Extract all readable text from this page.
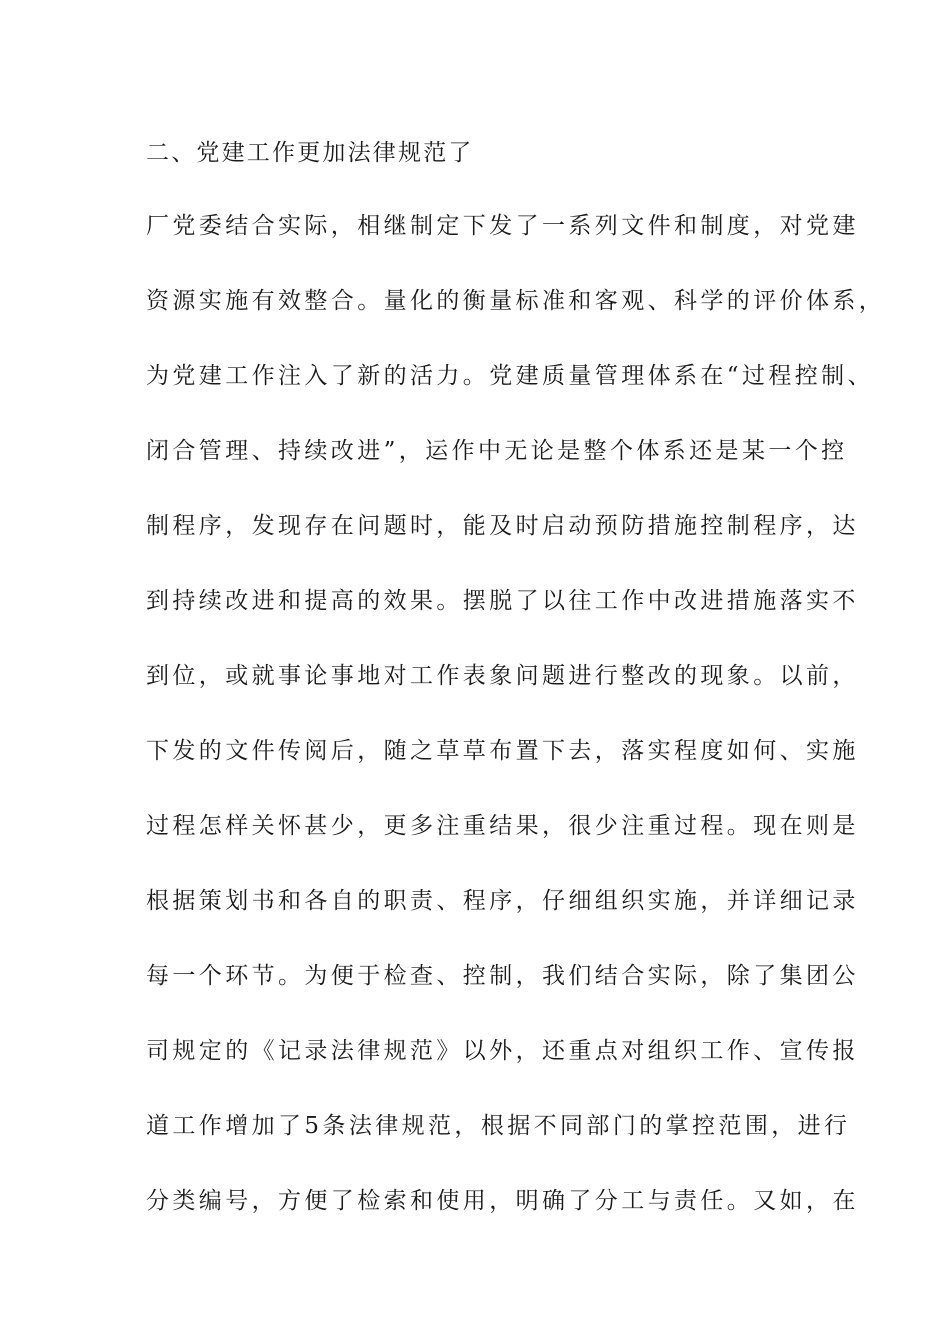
二、党建工作更加法律规范了
厂党委结合实际，相继制定下发了一系列文件和制度，对党建
资源实施有效整合。量化的衡量标准和客观、科学的评价体系，
为党建工作注入了新的活力。党建质量管理体系在“过程控制、
闭合管理、持续改进”，运作中无论是整个体系还是某一个控
制程序，发现存在问题时，能及时启动预防措施控制程序，达
到持续改进和提高的效果。摆脱了以往工作中改进措施落实不
到位，或就事论事地对工作表象问题进行整改的现象。以前，
下发的文件传阅后，随之草草布置下去，落实程度如何、实施
过程怎样关怀甚少，更多注重结果，很少注重过程。现在则是
根据策划书和各自的职责、程序，仔细组织实施，并详细记录
每一个环节。为便于检查、控制，我们结合实际，除了集团公
司规定的《记录法律规范》以外，还重点对组织工作、宣传报
道工作增加了5条法律规范，根据不同部门的掌控范围，进行
分类编号，方便了检索和使用，明确了分工与责任。又如，在
